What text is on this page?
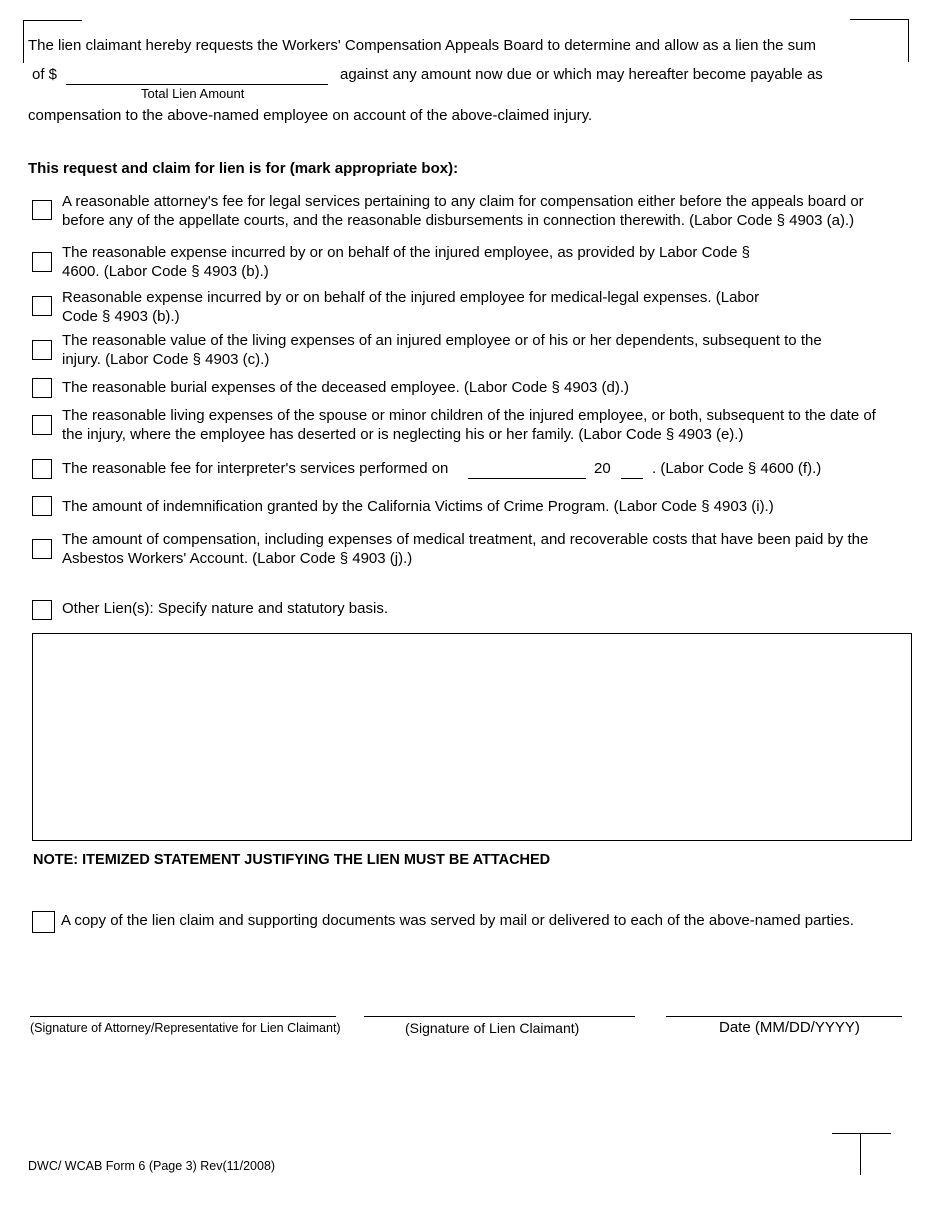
The lien claimant hereby requests the Workers' Compensation Appeals Board to determine and allow as a lien the sum
of $	against any amount now due or which may hereafter become payable as
Total Lien Amount
compensation to the above-named employee on account of the above-claimed injury.
This request and claim for lien is for (mark appropriate box):
A reasonable attorney's fee for legal services pertaining to any claim for compensation either before the appeals board or
before any of the appellate courts, and the reasonable disbursements in connection therewith. (Labor Code § 4903 (a).)
The reasonable expense incurred by or on behalf of the injured employee, as provided by Labor Code §
4600. (Labor Code § 4903 (b).)
Reasonable expense incurred by or on behalf of the injured employee for medical-legal expenses. (Labor
Code § 4903 (b).)
The reasonable value of the living expenses of an injured employee or of his or her dependents, subsequent to the
injury. (Labor Code § 4903 (c).)
The reasonable burial expenses of the deceased employee. (Labor Code § 4903 (d).)
The reasonable living expenses of the spouse or minor children of the injured employee, or both, subsequent to the date of
the injury, where the employee has deserted or is neglecting his or her family. (Labor Code § 4903 (e).)
The reasonable fee for interpreter's services performed on	20	. (Labor Code § 4600 (f).)
The amount of indemnification granted by the California Victims of Crime Program. (Labor Code § 4903 (i).)
The amount of compensation, including expenses of medical treatment, and recoverable costs that have been paid by the
Asbestos Workers' Account. (Labor Code § 4903 (j).)
Other Lien(s): Specify nature and statutory basis.
NOTE: ITEMIZED STATEMENT JUSTIFYING THE LIEN MUST BE ATTACHED
A copy of the lien claim and supporting documents was served by mail or delivered to each of the above-named parties.
(Signature of Attorney/Representative for Lien Claimant)	(Signature of Lien Claimant)	Date (MM/DD/YYYY)
DWC/ WCAB Form 6 (Page 3) Rev(11/2008)
